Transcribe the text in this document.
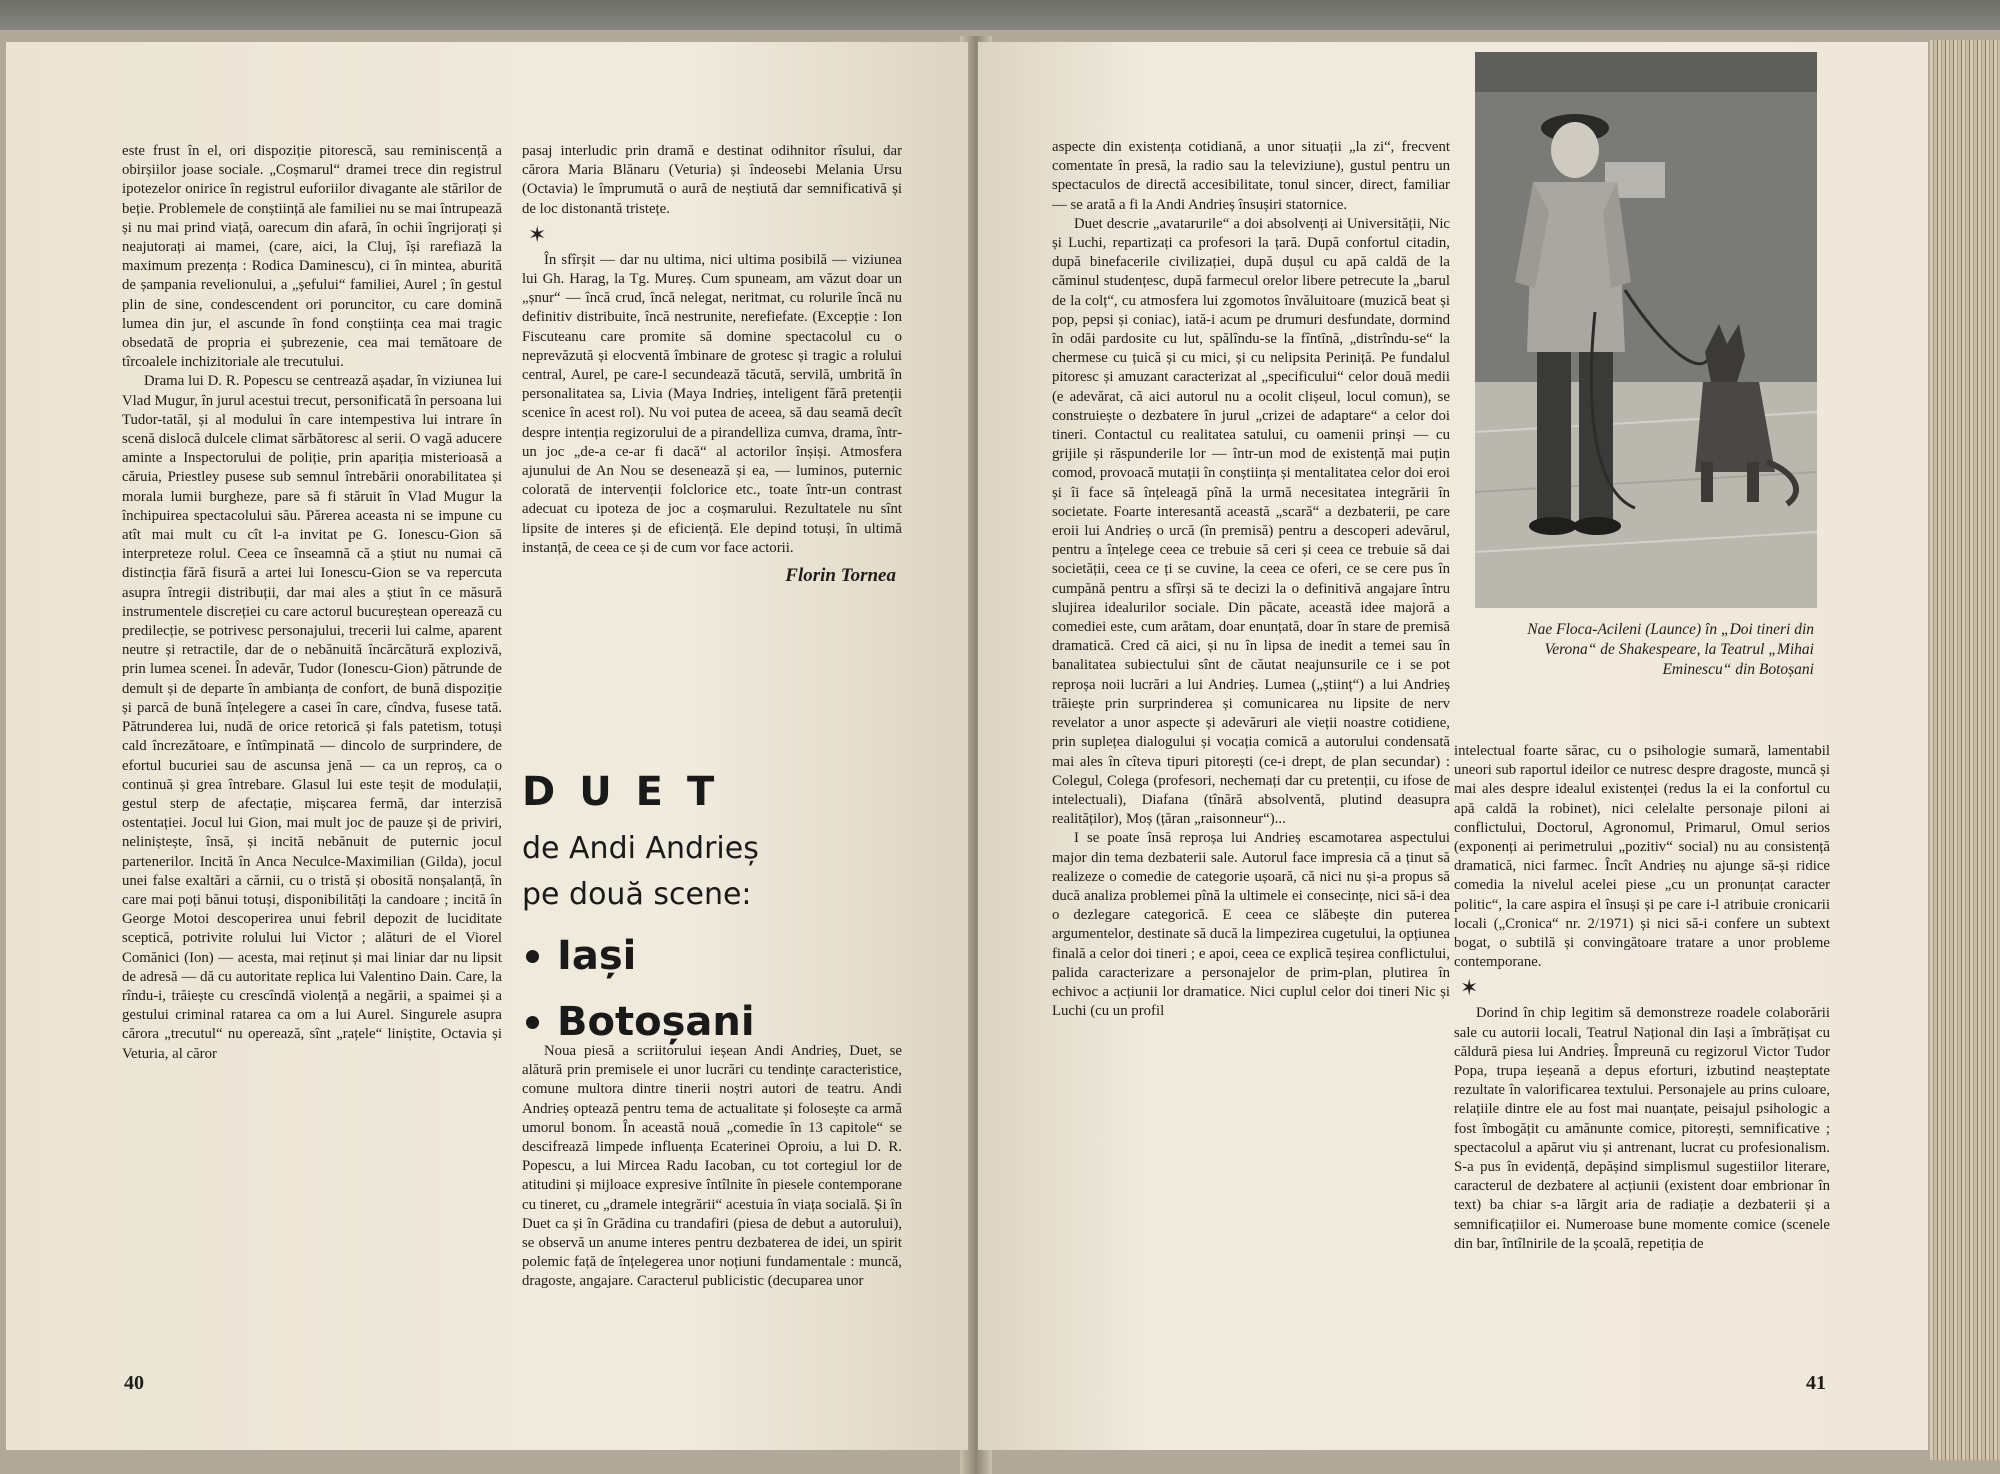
este frust în el, ori dispoziție pitorescă, sau reminiscență a obirșiilor joase sociale. „Coșmarul“ dramei trece din registrul ipotezelor onirice în registrul euforiilor divagante ale stărilor de beție. Problemele de conștiință ale familiei nu se mai întrupează și nu mai prind viață, oarecum din afară, în ochii îngrijorați și neajutorați ai mamei, (care, aici, la Cluj, își rarefiază la maximum prezența : Rodica Daminescu), ci în mintea, aburită de șampania revelionului, a „șefului“ familiei, Aurel ; în gestul plin de sine, condescendent ori poruncitor, cu care domină lumea din jur, el ascunde în fond conștiința cea mai tragic obsedată de propria ei șubrezenie, cea mai temătoare de tîrcoalele inchizitoriale ale trecutului.

Drama lui D. R. Popescu se centrează așadar, în viziunea lui Vlad Mugur, în jurul acestui trecut, personificată în persoana lui Tudor-tatăl, și al modului în care intempestiva lui intrare în scenă dislocă dulcele climat sărbătoresc al serii. O vagă aducere aminte a Inspectorului de poliție, prin apariția misterioasă a căruia, Priestley pusese sub semnul întrebării onorabilitatea și morala lumii burgheze, pare să fi stăruit în Vlad Mugur la închipuirea spectacolului său. Părerea aceasta ni se impune cu atît mai mult cu cît l-a invitat pe G. Ionescu-Gion să interpreteze rolul. Ceea ce înseamnă că a știut nu numai că distincția fără fisură a artei lui Ionescu-Gion se va repercuta asupra întregii distribuții, dar mai ales a știut în ce măsură instrumentele discreției cu care actorul bucureștean operează cu predilecție, se potrivesc personajului, trecerii lui calme, aparent neutre și retractile, dar de o nebănuită încărcătură explozivă, prin lumea scenei. În adevăr, Tudor (Ionescu-Gion) pătrunde de demult și de departe în ambianța de confort, de bună dispoziție și parcă de bună înțelegere a casei în care, cîndva, fusese tată. Pătrunderea lui, nudă de orice retorică și fals patetism, totuși cald încrezătoare, e întîmpinată — dincolo de surprindere, de efortul bucuriei sau de ascunsa jenă — ca un reproș, ca o continuă și grea întrebare. Glasul lui este teșit de modulații, gestul sterp de afectație, mișcarea fermă, dar interzisă ostentației. Jocul lui Gion, mai mult joc de pauze și de priviri, neliniștește, însă, și incită nebănuit de puternic jocul partenerilor. Incită în Anca Neculce-Maximilian (Gilda), jocul unei false exaltări a cărnii, cu o tristă și obosită nonșalanță, în care mai poți bănui totuși, disponibilități la candoare ; incită în George Motoi descoperirea unui febril depozit de luciditate sceptică, potrivite rolului lui Victor ; alături de el Viorel Comănici (Ion) — acesta, mai reținut și mai liniar dar nu lipsit de adresă — dă cu autoritate replica lui Valentino Dain. Care, la rîndu-i, trăiește cu crescîndă violență a negării, a spaimei și a gestului criminal ratarea ca om a lui Aurel. Singurele asupra cărora „trecutul“ nu operează, sînt „rațele“ liniștite, Octavia și Veturia, al căror

pasaj interludic prin dramă e destinat odihnitor rîsului, dar cărora Maria Blănaru (Veturia) și îndeosebi Melania Ursu (Octavia) le împrumută o aură de neștiută dar semnificativă și de loc distonantă tristețe.

✶

În sfîrșit — dar nu ultima, nici ultima posibilă — viziunea lui Gh. Harag, la Tg. Mureș. Cum spuneam, am văzut doar un „șnur“ — încă crud, încă nelegat, neritmat, cu rolurile încă nu definitiv distribuite, încă nestrunite, nerefiefate. (Excepție : Ion Fiscuteanu care promite să domine spectacolul cu o neprevăzută și elocventă îmbinare de grotesc și tragic a rolului central, Aurel, pe care-l secundează tăcută, servilă, umbrită în personalitatea sa, Livia (Maya Indrieș, inteligent fără pretenții scenice în acest rol). Nu voi putea de aceea, să dau seamă decît despre intenția regizorului de a pirandelliza cumva, drama, într-un joc „de-a ce-ar fi dacă“ al actorilor înșiși. Atmosfera ajunului de An Nou se desenează și ea, — luminos, puternic colorată de intervenții folclorice etc., toate într-un contrast adecuat cu ipoteza de joc a coșmarului. Rezultatele nu sînt lipsite de interes și de eficiență. Ele depind totuși, în ultimă instanță, de ceea ce și de cum vor face actorii.

Florin Tornea
DUET
de Andi Andrieș
pe două scene:
Iași
Botoșani

Noua piesă a scriitorului ieșean Andi Andrieș, Duet, se alătură prin premisele ei unor lucrări cu tendințe caracteristice, comune multora dintre tinerii noștri autori de teatru. Andi Andrieș optează pentru tema de actualitate și folosește ca armă umorul bonom. În această nouă „comedie în 13 capitole“ se descifrează limpede influența Ecaterinei Oproiu, a lui D. R. Popescu, a lui Mircea Radu Iacoban, cu tot cortegiul lor de atitudini și mijloace expresive întîlnite în piesele contemporane cu tineret, cu „dramele integrării“ acestuia în viața socială. Și în Duet ca și în Grădina cu trandafiri (piesa de debut a autorului), se observă un anume interes pentru dezbaterea de idei, un spirit polemic față de înțelegerea unor noțiuni fundamentale : muncă, dragoste, angajare. Caracterul publicistic (decuparea unor

40

aspecte din existența cotidiană, a unor situații „la zi“, frecvent comentate în presă, la radio sau la televiziune), gustul pentru un spectaculos de directă accesibilitate, tonul sincer, direct, familiar — se arată a fi la Andi Andrieș însușiri statornice.

Duet descrie „avatarurile“ a doi absolvenți ai Universității, Nic și Luchi, repartizați ca profesori la țară. După confortul citadin, după binefacerile civilizației, după dușul cu apă caldă de la căminul studențesc, după farmecul orelor libere petrecute la „barul de la colț“, cu atmosfera lui zgomotos învăluitoare (muzică beat și pop, pepsi și coniac), iată-i acum pe drumuri desfundate, dormind în odăi pardosite cu lut, spălîndu-se la fîntînă, „distrîndu-se“ la chermese cu țuică și cu mici, și cu nelipsita Periniță. Pe fundalul pitoresc și amuzant caracterizat al „specificului“ celor două medii (e adevărat, că aici autorul nu a ocolit clișeul, locul comun), se construiește o dezbatere în jurul „crizei de adaptare“ a celor doi tineri. Contactul cu realitatea satului, cu oamenii prinși — cu grijile și răspunderile lor — într-un mod de existență mai puțin comod, provoacă mutații în conștiința și mentalitatea celor doi eroi și îi face să înțeleagă pînă la urmă necesitatea integrării în societate. Foarte interesantă această „scară“ a dezbaterii, pe care eroii lui Andrieș o urcă (în premisă) pentru a descoperi adevărul, pentru a înțelege ceea ce trebuie să ceri și ceea ce trebuie să dai societății, ceea ce ți se cuvine, la ceea ce oferi, ce se cere pus în cumpănă pentru a sfîrși să te decizi la o definitivă angajare întru slujirea idealurilor sociale. Din păcate, această idee majoră a comediei este, cum arătam, doar enunțată, doar în stare de premisă dramatică. Cred că aici, și nu în lipsa de inedit a temei sau în banalitatea subiectului sînt de căutat neajunsurile ce i se pot reproșa noii lucrări a lui Andrieș. Lumea („științ“) a lui Andrieș trăiește prin surprinderea și comunicarea nu lipsite de nerv revelator a unor aspecte și adevăruri ale vieții noastre cotidiene, prin suplețea dialogului și vocația comică a autorului condensată mai ales în cîteva tipuri pitorești (ce-i drept, de plan secundar) : Colegul, Colega (profesori, nechemați dar cu pretenții, cu ifose de intelectuali), Diafana (tînără absolventă, plutind deasupra realităților), Moș (țăran „raisonneur“)...

I se poate însă reproșa lui Andrieș escamotarea aspectului major din tema dezbaterii sale. Autorul face impresia că a ținut să realizeze o comedie de categorie ușoară, că nici nu și-a propus să ducă analiza problemei pînă la ultimele ei consecințe, nici să-i dea o dezlegare categorică. E ceea ce slăbește din puterea argumentelor, destinate să ducă la limpezirea cugetului, la opțiunea finală a celor doi tineri ; e apoi, ceea ce explică teșirea conflictului, palida caracterizare a personajelor de prim-plan, plutirea în echivoc a acțiunii lor dramatice. Nici cuplul celor doi tineri Nic și Luchi (cu un profil

Nae Floca-Acileni (Launce) în „Doi tineri din Verona“ de Shakespeare, la Teatrul „Mihai Eminescu“ din Botoșani

intelectual foarte sărac, cu o psihologie sumară, lamentabil uneori sub raportul ideilor ce nutresc despre dragoste, muncă și mai ales despre idealul existenței (redus la ei la confortul cu apă caldă la robinet), nici celelalte personaje piloni ai conflictului, Doctorul, Agronomul, Primarul, Omul serios (exponenți ai perimetrului „pozitiv“ social) nu au consistență dramatică, nici farmec. Încît Andrieș nu ajunge să-și ridice comedia la nivelul acelei piese „cu un pronunțat caracter politic“, la care aspira el însuși și pe care i-l atribuie cronicarii locali („Cronica“ nr. 2/1971) și nici să-i confere un subtext bogat, o subtilă și convingătoare tratare a unor probleme contemporane.

✶

Dorind în chip legitim să demonstreze roadele colaborării sale cu autorii locali, Teatrul Național din Iași a îmbrățișat cu căldură piesa lui Andrieș. Împreună cu regizorul Victor Tudor Popa, trupa ieșeană a depus eforturi, izbutind neașteptate rezultate în valorificarea textului. Personajele au prins culoare, relațiile dintre ele au fost mai nuanțate, peisajul psihologic a fost îmbogățit cu amănunte comice, pitorești, semnificative ; spectacolul a apărut viu și antrenant, lucrat cu profesionalism. S-a pus în evidență, depășind simplismul sugestiilor literare, caracterul de dezbatere al acțiunii (existent doar embrionar în text) ba chiar s-a lărgit aria de radiație a dezbaterii și a semnificațiilor ei. Numeroase bune momente comice (scenele din bar, întîlnirile de la școală, repetiția de

41
